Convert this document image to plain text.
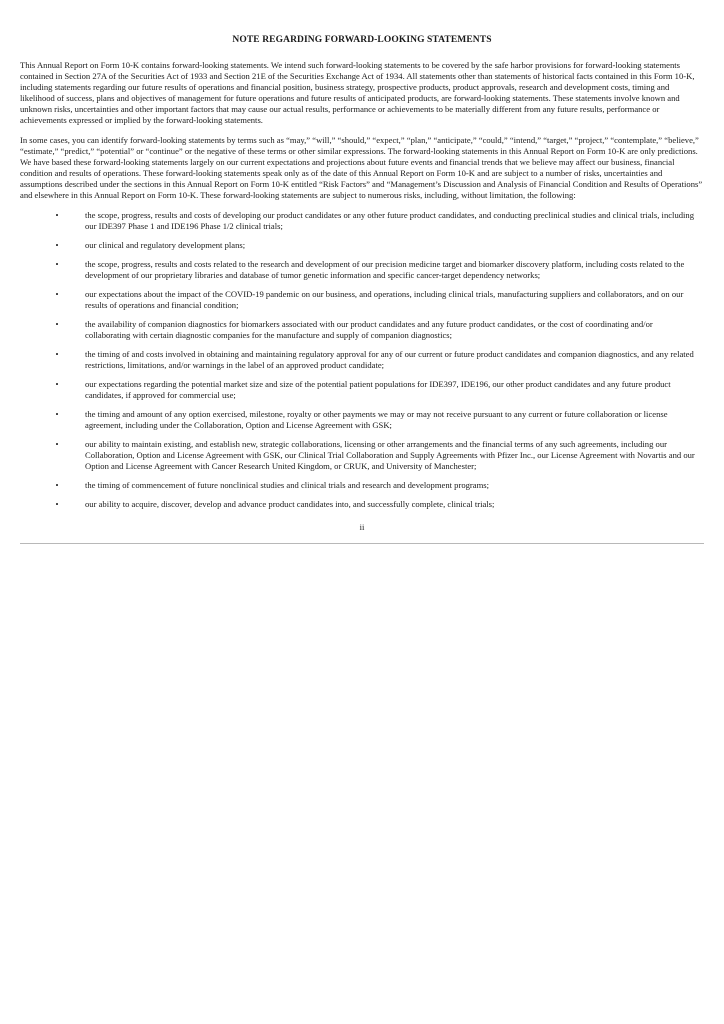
NOTE REGARDING FORWARD-LOOKING STATEMENTS

This Annual Report on Form 10-K contains forward-looking statements. We intend such forward-looking statements to be covered by the safe harbor provisions for forward-looking statements contained in Section 27A of the Securities Act of 1933 and Section 21E of the Securities Exchange Act of 1934. All statements other than statements of historical facts contained in this Form 10-K, including statements regarding our future results of operations and financial position, business strategy, prospective products, product approvals, research and development costs, timing and likelihood of success, plans and objectives of management for future operations and future results of anticipated products, are forward-looking statements. These statements involve known and unknown risks, uncertainties and other important factors that may cause our actual results, performance or achievements to be materially different from any future results, performance or achievements expressed or implied by the forward-looking statements.

In some cases, you can identify forward-looking statements by terms such as “may,” “will,” “should,” “expect,” “plan,” “anticipate,” “could,” “intend,” “target,” “project,” “contemplate,” “believe,” “estimate,” “predict,” “potential” or “continue” or the negative of these terms or other similar expressions. The forward-looking statements in this Annual Report on Form 10-K are only predictions. We have based these forward-looking statements largely on our current expectations and projections about future events and financial trends that we believe may affect our business, financial condition and results of operations. These forward-looking statements speak only as of the date of this Annual Report on Form 10-K and are subject to a number of risks, uncertainties and assumptions described under the sections in this Annual Report on Form 10-K entitled “Risk Factors” and “Management’s Discussion and Analysis of Financial Condition and Results of Operations” and elsewhere in this Annual Report on Form 10-K. These forward-looking statements are subject to numerous risks, including, without limitation, the following:

•	the scope, progress, results and costs of developing our product candidates or any other future product candidates, and conducting preclinical studies and clinical trials, including our IDE397 Phase 1 and IDE196 Phase 1/2 clinical trials;
•	our clinical and regulatory development plans;
•	the scope, progress, results and costs related to the research and development of our precision medicine target and biomarker discovery platform, including costs related to the development of our proprietary libraries and database of tumor genetic information and specific cancer-target dependency networks;
•	our expectations about the impact of the COVID-19 pandemic on our business, and operations, including clinical trials, manufacturing suppliers and collaborators, and on our results of operations and financial condition;
•	the availability of companion diagnostics for biomarkers associated with our product candidates and any future product candidates, or the cost of coordinating and/or collaborating with certain diagnostic companies for the manufacture and supply of companion diagnostics;
•	the timing of and costs involved in obtaining and maintaining regulatory approval for any of our current or future product candidates and companion diagnostics, and any related restrictions, limitations, and/or warnings in the label of an approved product candidate;
•	our expectations regarding the potential market size and size of the potential patient populations for IDE397, IDE196, our other product candidates and any future product candidates, if approved for commercial use;
•	the timing and amount of any option exercised, milestone, royalty or other payments we may or may not receive pursuant to any current or future collaboration or license agreement, including under the Collaboration, Option and License Agreement with GSK;
•	our ability to maintain existing, and establish new, strategic collaborations, licensing or other arrangements and the financial terms of any such agreements, including our Collaboration, Option and License Agreement with GSK, our Clinical Trial Collaboration and Supply Agreements with Pfizer Inc., our License Agreement with Novartis and our Option and License Agreement with Cancer Research United Kingdom, or CRUK, and University of Manchester;
•	the timing of commencement of future nonclinical studies and clinical trials and research and development programs;
•	our ability to acquire, discover, develop and advance product candidates into, and successfully complete, clinical trials;
ii
